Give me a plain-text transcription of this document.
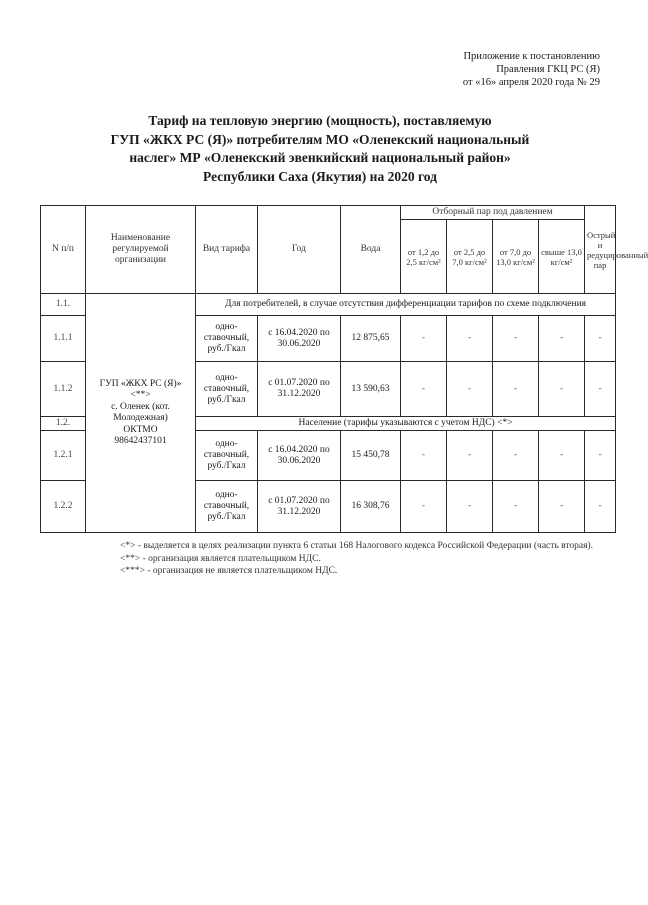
Приложение к постановлению
Правления ГКЦ РС (Я)
от «16» апреля 2020 года № 29
Тариф на тепловую энергию (мощность), поставляемую
ГУП «ЖКХ РС (Я)» потребителям МО «Оленекский национальный
наслег» МР «Оленекский эвенкийский национальный район»
Республики Саха (Якутия) на 2020 год
N п/п	Наименование регулируемой организации	Вид тарифа	Год	Вода	Отборный пар под давлением				Острый и редуцированный пар
					от 1,2 до 2,5 кг/см²	от 2,5 до 7,0 кг/см²	от 7,0 до 13,0 кг/см²	свыше 13,0 кг/см²	
1.1.	ГУП «ЖКХ РС (Я)»
<**>
с. Оленек (кот. Молодежная)
ОКТМО
98642437101	Для потребителей, в случае отсутствия дифференциации тарифов по схеме подключения							
1.1.1		одно-ставочный, руб./Гкал	с 16.04.2020 по 30.06.2020	12 875,65	-	-	-	-	-
1.1.2		одно-ставочный, руб./Гкал	с 01.07.2020 по 31.12.2020	13 590,63	-	-	-	-	-
1.2.		Население (тарифы указываются с учетом НДС) <*>							
1.2.1		одно-ставочный, руб./Гкал	с 16.04.2020 по 30.06.2020	15 450,78	-	-	-	-	-
1.2.2		одно-ставочный, руб./Гкал	с 01.07.2020 по 31.12.2020	16 308,76	-	-	-	-	-

<*> - выделяется в целях реализации пункта 6 статьи 168 Налогового кодекса Российской Федерации (часть вторая).

<**> - организация является плательщиком НДС.

<***> - организация не является плательщиком НДС.
